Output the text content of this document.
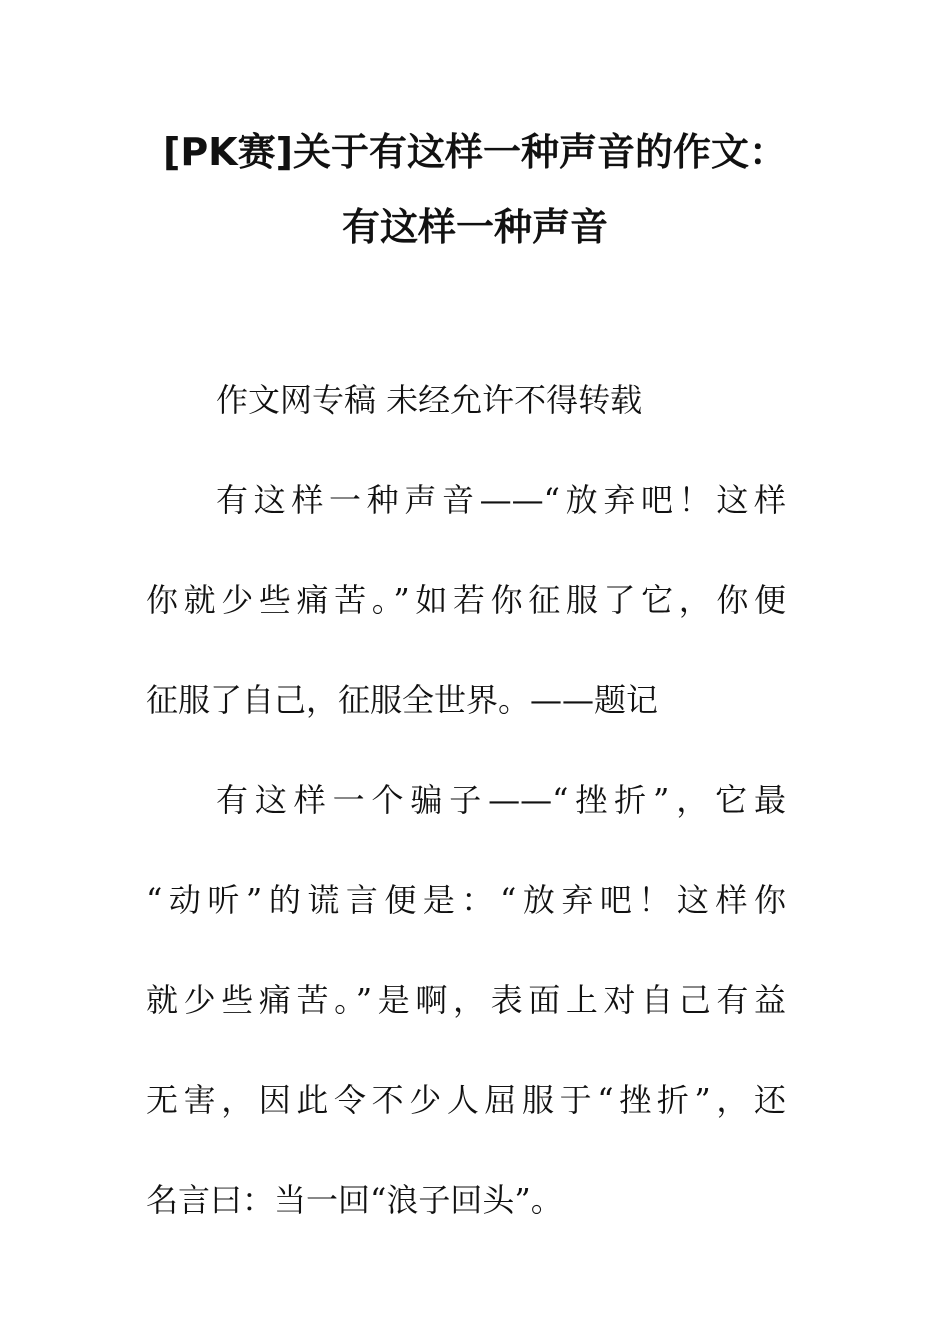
[PK赛]关于有这样一种声音的作文：
有这样一种声音

作文网专稿 未经允许不得转载

有这样一种声音——“放弃吧！这样

你就少些痛苦。”如若你征服了它，你便

征服了自己，征服全世界。——题记

有这样一个骗子——“挫折”，它最

“动听”的谎言便是：“放弃吧！这样你

就少些痛苦。”是啊，表面上对自己有益

无害，因此令不少人屈服于“挫折”，还

名言曰：当一回“浪子回头”。
